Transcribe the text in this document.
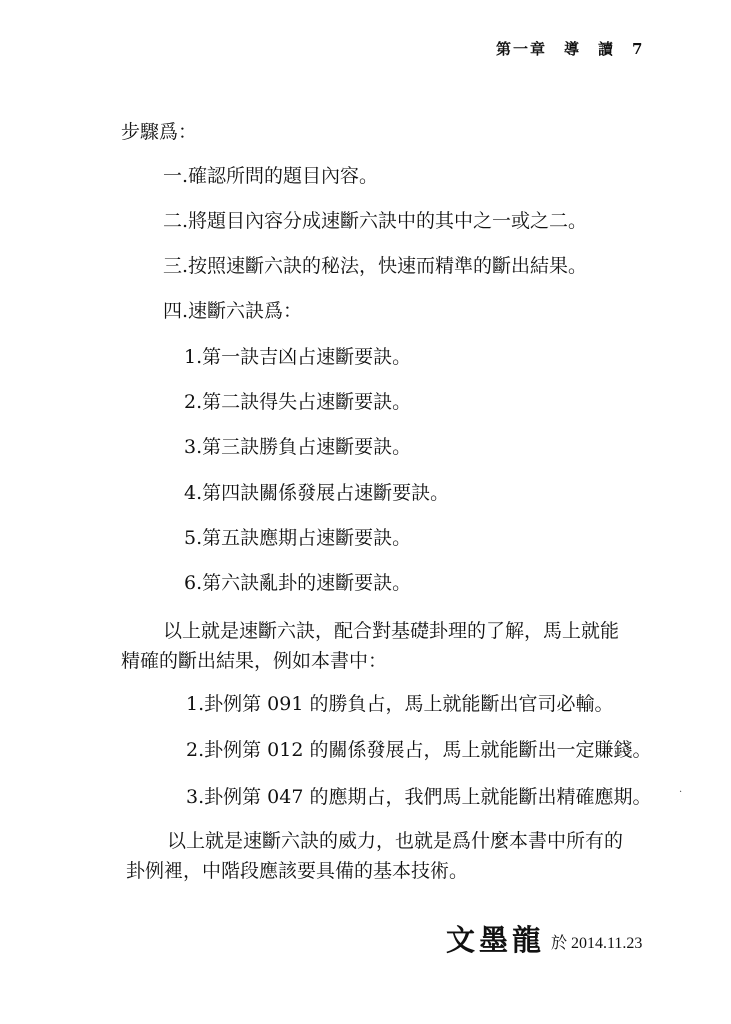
第一章　導　讀　7
步驟爲：
一.確認所問的題目內容。
二.將題目內容分成速斷六訣中的其中之一或之二。
三.按照速斷六訣的秘法，快速而精準的斷出結果。
四.速斷六訣爲：
1.第一訣吉凶占速斷要訣。
2.第二訣得失占速斷要訣。
3.第三訣勝負占速斷要訣。
4.第四訣關係發展占速斷要訣。
5.第五訣應期占速斷要訣。
6.第六訣亂卦的速斷要訣。
以上就是速斷六訣，配合對基礎卦理的了解，馬上就能
精確的斷出結果，例如本書中：
1.卦例第 091 的勝負占，馬上就能斷出官司必輸。
2.卦例第 012 的關係發展占，馬上就能斷出一定賺錢。
3.卦例第 047 的應期占，我們馬上就能斷出精確應期。	·
以上就是速斷六訣的威力，也就是爲什麼本書中所有的
卦例裡，中階段應該要具備的基本技術。
文墨龍 於 2014.11.23
